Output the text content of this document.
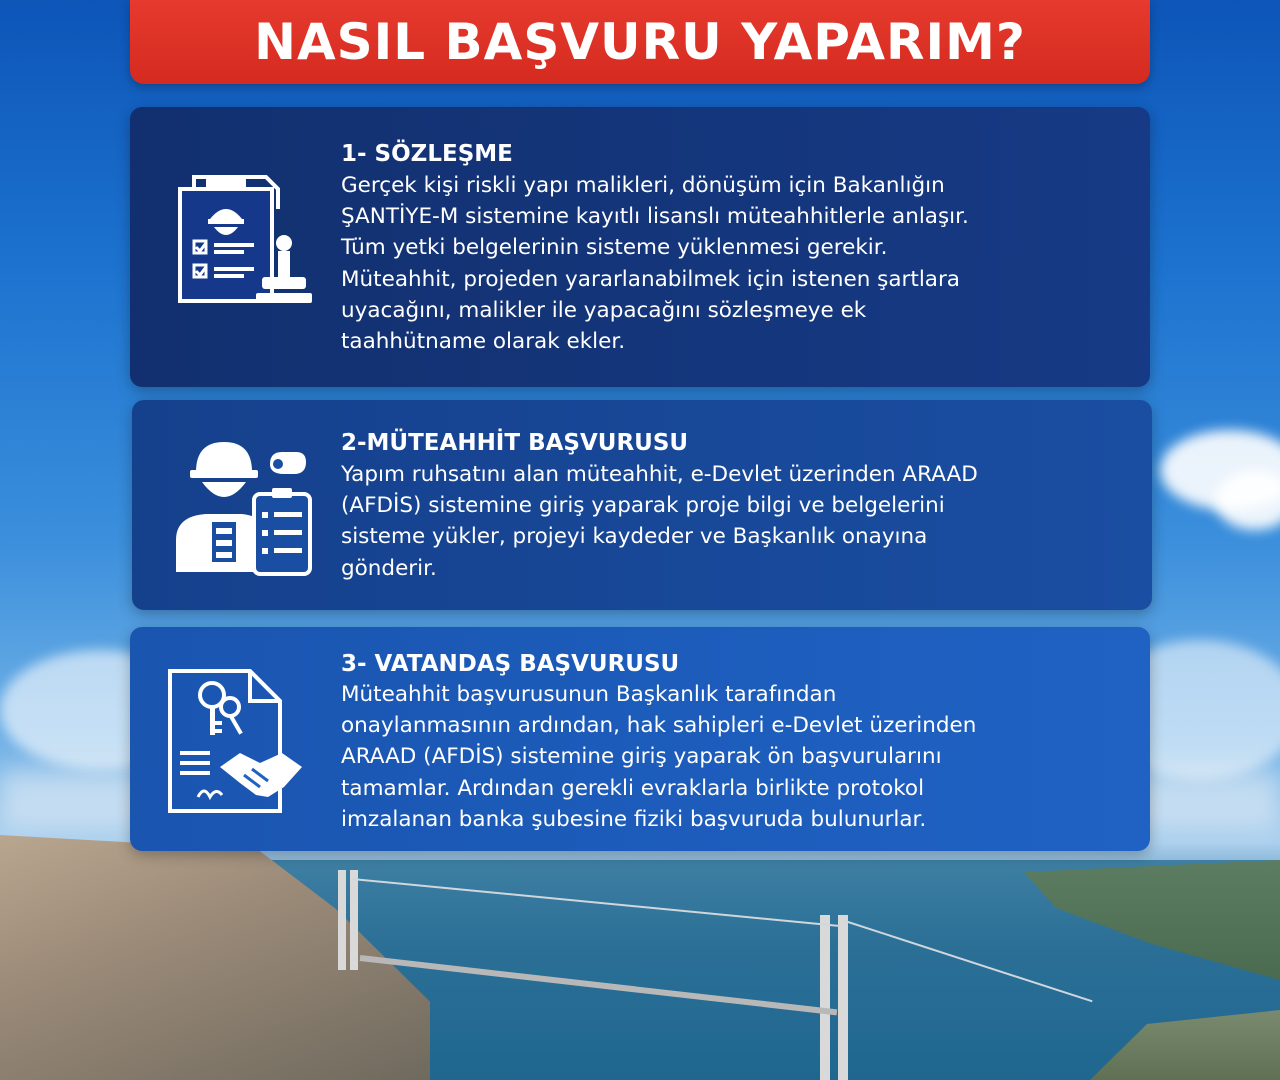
NASIL BAŞVURU YAPARIM?
1- SÖZLEŞME
Gerçek kişi riskli yapı malikleri, dönüşüm için Bakanlığın
ŞANTİYE-M sistemine kayıtlı lisanslı müteahhitlerle anlaşır.
Tüm yetki belgelerinin sisteme yüklenmesi gerekir.
Müteahhit, projeden yararlanabilmek için istenen şartlara
uyacağını, malikler ile yapacağını sözleşmeye ek
taahhütname olarak ekler.
2-MÜTEAHHİT BAŞVURUSU
Yapım ruhsatını alan müteahhit, e-Devlet üzerinden ARAAD
(AFDİS) sistemine giriş yaparak proje bilgi ve belgelerini
sisteme yükler, projeyi kaydeder ve Başkanlık onayına
gönderir.
3- VATANDAŞ BAŞVURUSU
Müteahhit başvurusunun Başkanlık tarafından
onaylanmasının ardından, hak sahipleri e-Devlet üzerinden
ARAAD (AFDİS) sistemine giriş yaparak ön başvurularını
tamamlar. Ardından gerekli evraklarla birlikte protokol
imzalanan banka şubesine fiziki başvuruda bulunurlar.
